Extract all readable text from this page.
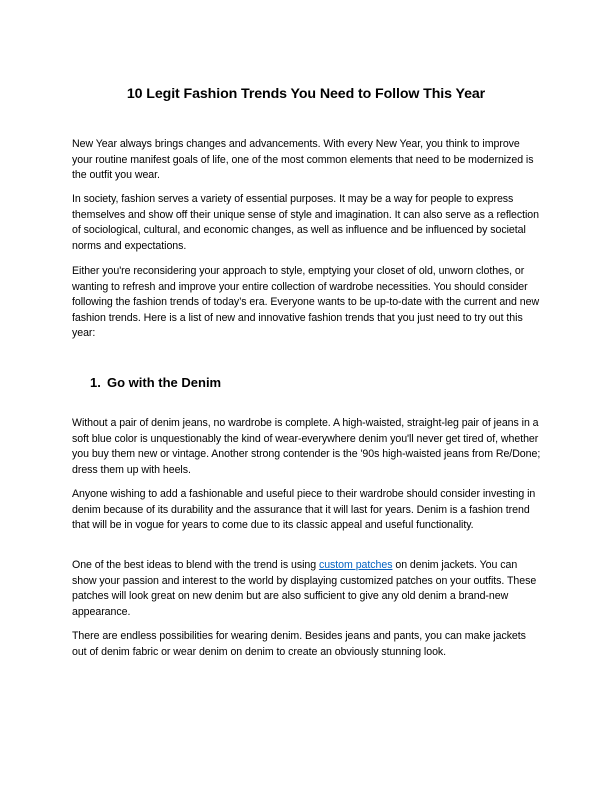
10 Legit Fashion Trends You Need to Follow This Year

New Year always brings changes and advancements. With every New Year, you think to improve your routine manifest goals of life, one of the most common elements that need to be modernized is the outfit you wear.

In society, fashion serves a variety of essential purposes. It may be a way for people to express themselves and show off their unique sense of style and imagination. It can also serve as a reflection of sociological, cultural, and economic changes, as well as influence and be influenced by societal norms and expectations.

Either you're reconsidering your approach to style, emptying your closet of old, unworn clothes, or wanting to refresh and improve your entire collection of wardrobe necessities. You should consider following the fashion trends of today’s era. Everyone wants to be up-to-date with the current and new fashion trends. Here is a list of new and innovative fashion trends that you just need to try out this year:

1. Go with the Denim

Without a pair of denim jeans, no wardrobe is complete. A high-waisted, straight-leg pair of jeans in a soft blue color is unquestionably the kind of wear-everywhere denim you'll never get tired of, whether you buy them new or vintage. Another strong contender is the '90s high-waisted jeans from Re/Done; dress them up with heels.

Anyone wishing to add a fashionable and useful piece to their wardrobe should consider investing in denim because of its durability and the assurance that it will last for years. Denim is a fashion trend that will be in vogue for years to come due to its classic appeal and useful functionality.

One of the best ideas to blend with the trend is using custom patches on denim jackets. You can show your passion and interest to the world by displaying customized patches on your outfits. These patches will look great on new denim but are also sufficient to give any old denim a brand-new appearance.

There are endless possibilities for wearing denim. Besides jeans and pants, you can make jackets out of denim fabric or wear denim on denim to create an obviously stunning look.
